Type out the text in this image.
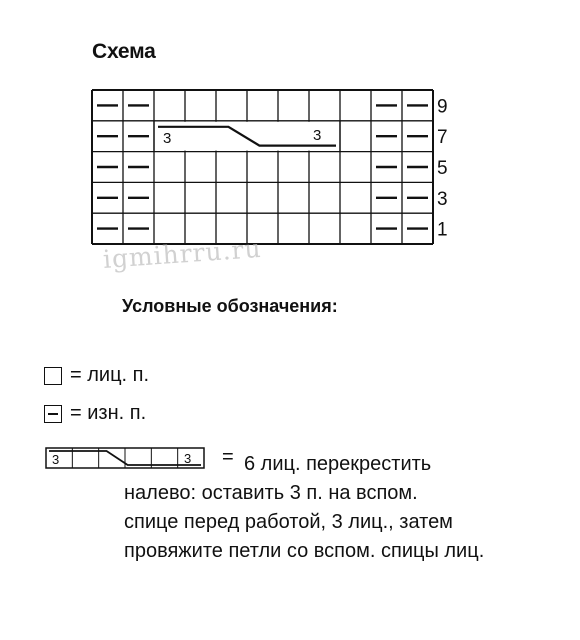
Схема
3	3
9
7
5
3
1
igmihrru.ru
Условные обозначения:
= лиц. п.
= изн. п.
3	3 = 6 лиц. перекрестить
налево: оставить 3 п. на вспом.
спице перед работой, 3 лиц., затем
провяжите петли со вспом. спицы лиц.
